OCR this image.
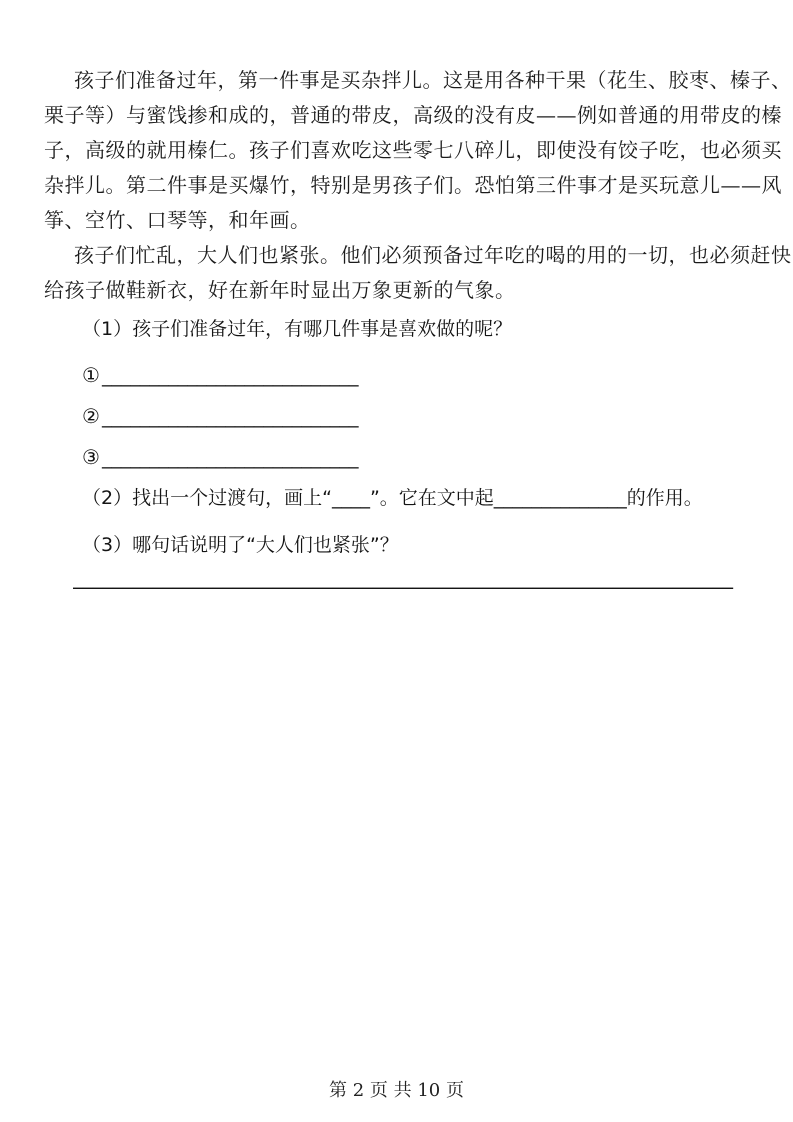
孩子们准备过年，第一件事是买杂拌儿。这是用各种干果（花生、胶枣、榛子、
栗子等）与蜜饯掺和成的，普通的带皮，高级的没有皮——例如普通的用带皮的榛
子，高级的就用榛仁。孩子们喜欢吃这些零七八碎儿，即使没有饺子吃，也必须买
杂拌儿。第二件事是买爆竹，特别是男孩子们。恐怕第三件事才是买玩意儿——风
筝、空竹、口琴等，和年画。
孩子们忙乱，大人们也紧张。他们必须预备过年吃的喝的用的一切，也必须赶快
给孩子做鞋新衣，好在新年时显出万象更新的气象。
（1）孩子们准备过年，有哪几件事是喜欢做的呢？
① ___________________________
② ___________________________
③ ___________________________
（2）找出一个过渡句，画上“____”。它在文中起______________的作用。
（3）哪句话说明了“大人们也紧张”？
__________________________________________________________________
第 2 页 共 10 页
